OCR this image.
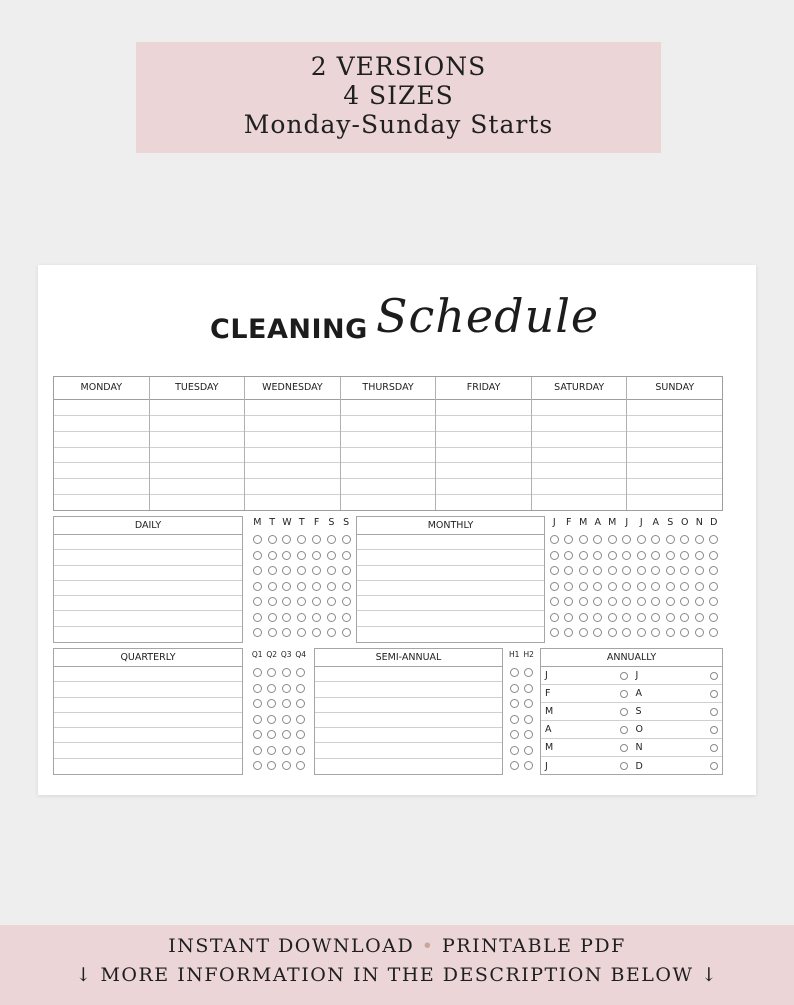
2 VERSIONS
4 SIZES
Monday-Sunday Starts
CLEANING Schedule
MONDAY	TUESDAY	WEDNESDAY	THURSDAY	FRIDAY	SATURDAY	SUNDAY
DAILY	M T W T F S S	MONTHLY	J	F M A M J	J	A S O N D
QUARTERLY	Q1 Q2 Q3 Q4	SEMI-ANNUAL	H1 H2	ANNUALLY
J	J
F	A
M	S
A	O
M	N
J	D
INSTANT DOWNLOAD • PRINTABLE PDF
↓ MORE INFORMATION IN THE DESCRIPTION BELOW ↓
